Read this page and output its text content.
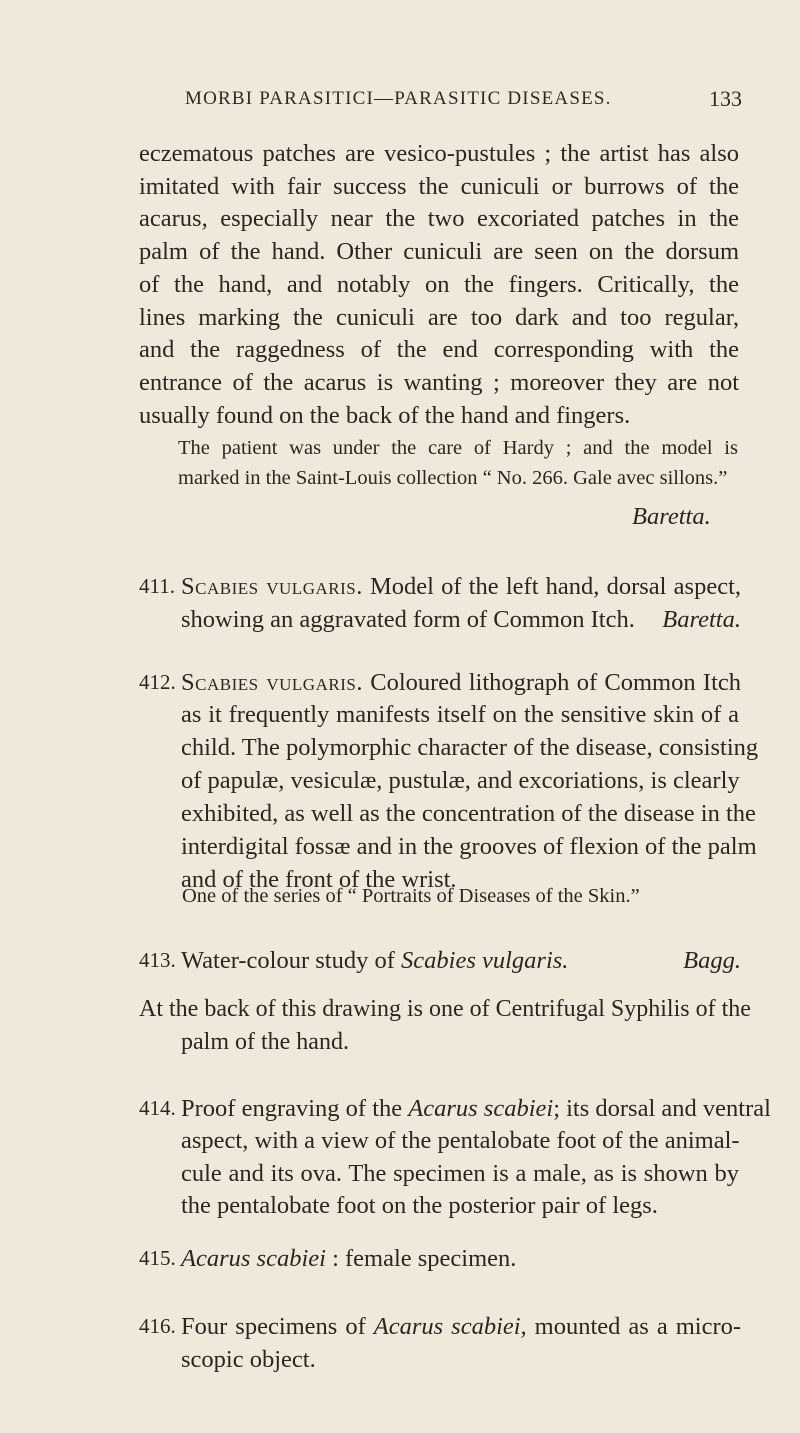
MORBI PARASITICI—PARASITIC DISEASES.	133
eczematous patches are vesico-pustules ; the artist has also
imitated with fair success the cuniculi or burrows of the
acarus, especially near the two excoriated patches in the
palm of the hand. Other cuniculi are seen on the dorsum
of the hand, and notably on the fingers. Critically, the
lines marking the cuniculi are too dark and too regular,
and the raggedness of the end corresponding with the
entrance of the acarus is wanting ; moreover they are not
usually found on the back of the hand and fingers.
The patient was under the care of Hardy ; and the model is
marked in the Saint-Louis collection “ No. 266. Gale avec sillons.”
Baretta.
411. Scabies vulgaris. Model of the left hand, dorsal aspect,
showing an aggravated form of Common Itch. Baretta.
412. Scabies vulgaris. Coloured lithograph of Common Itch
as it frequently manifests itself on the sensitive skin of a
child. The polymorphic character of the disease, consisting
of papulæ, vesiculæ, pustulæ, and excoriations, is clearly
exhibited, as well as the concentration of the disease in the
interdigital fossæ and in the grooves of flexion of the palm
and of the front of the wrist.
One of the series of “ Portraits of Diseases of the Skin.”
413. Water-colour study of Scabies vulgaris.	Bagg.
At the back of this drawing is one of Centrifugal Syphilis of the
palm of the hand.
414. Proof engraving of the Acarus scabiei; its dorsal and ventral
aspect, with a view of the pentalobate foot of the animal-
cule and its ova. The specimen is a male, as is shown by
the pentalobate foot on the posterior pair of legs.
415. Acarus scabiei : female specimen.
416. Four specimens of Acarus scabiei, mounted as a micro-
scopic object.
